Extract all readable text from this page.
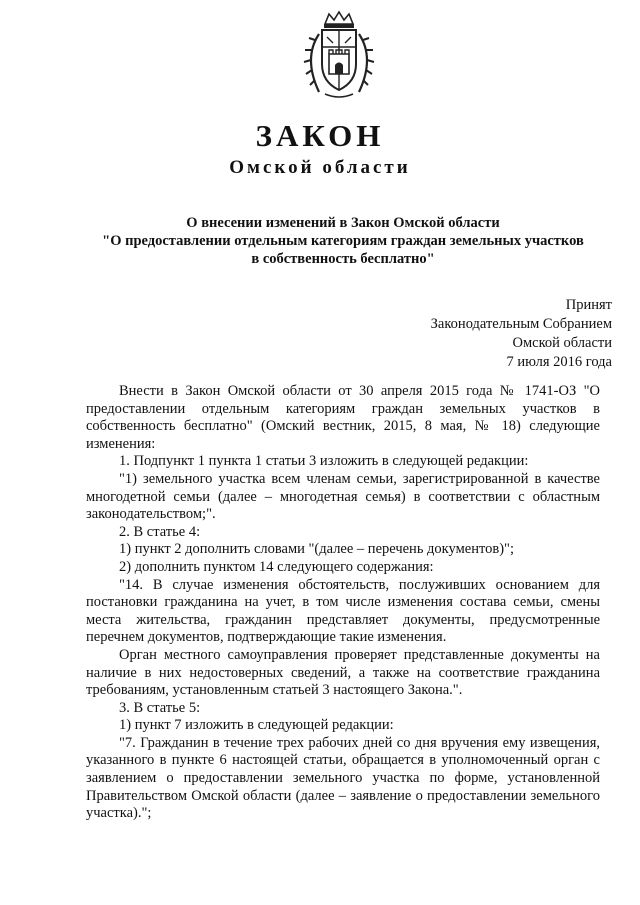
ЗАКОН
Омской области
О внесении изменений в Закон Омской области
"О предоставлении отдельным категориям граждан земельных участков
в собственность бесплатно"
Принят
Законодательным Собранием
Омской области
7 июля 2016 года

Внести в Закон Омской области от 30 апреля 2015 года № 1741-ОЗ "О предоставлении отдельным категориям граждан земельных участков в собственность бесплатно" (Омский вестник, 2015, 8 мая, № 18) следующие изменения:

1. Подпункт 1 пункта 1 статьи 3 изложить в следующей редакции:

"1) земельного участка всем членам семьи, зарегистрированной в качестве многодетной семьи (далее – многодетная семья) в соответствии с областным законодательством;".

2. В статье 4:

1) пункт 2 дополнить словами "(далее – перечень документов)";

2) дополнить пунктом 14 следующего содержания:

"14. В случае изменения обстоятельств, послуживших основанием для постановки гражданина на учет, в том числе изменения состава семьи, смены места жительства, гражданин представляет документы, предусмотренные перечнем документов, подтверждающие такие изменения.

Орган местного самоуправления проверяет представленные документы на наличие в них недостоверных сведений, а также на соответствие гражданина требованиям, установленным статьей 3 настоящего Закона.".

3. В статье 5:

1) пункт 7 изложить в следующей редакции:

"7. Гражданин в течение трех рабочих дней со дня вручения ему извещения, указанного в пункте 6 настоящей статьи, обращается в уполномоченный орган с заявлением о предоставлении земельного участка по форме, установленной Правительством Омской области (далее – заявление о предоставлении земельного участка).";
